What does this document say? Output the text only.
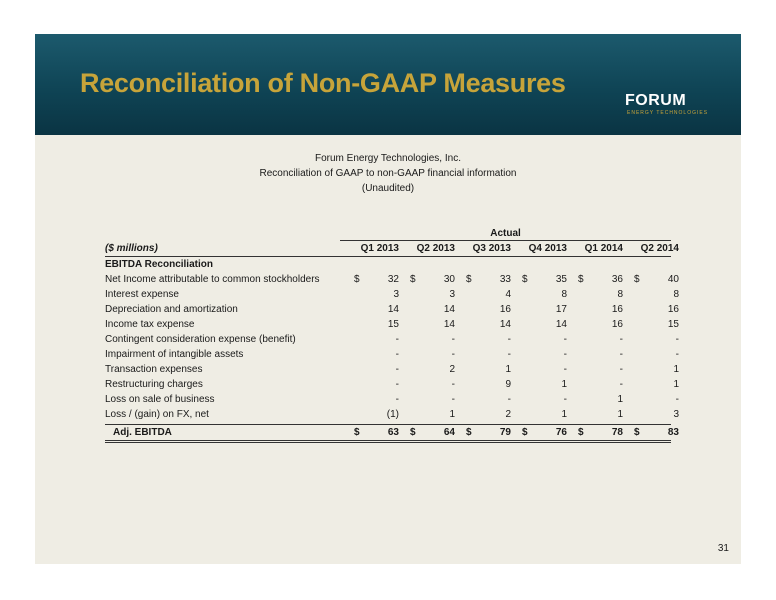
Reconciliation of Non-GAAP Measures
FORUM
ENERGY TECHNOLOGIES
Forum Energy Technologies, Inc.
Reconciliation of GAAP to non-GAAP financial information
(Unaudited)
Actual
($ millions)	Q1 2013	Q2 2013	Q3 2013	Q4 2013	Q1 2014	Q2 2014
EBITDA Reconciliation
Net Income attributable to common stockholders	$	32 $	30 $	33 $	35 $	36 $	40
Interest expense	3	3	4	8	8	8
Depreciation and amortization	14	14	16	17	16	16
Income tax expense	15	14	14	14	16	15
Contingent consideration expense (benefit)	-	-	-	-	-	-
Impairment of intangible assets	-	-	-	-	-	-
Transaction expenses	-	2	1	-	-	1
Restructuring charges	-	-	9	1	-	1
Loss on sale of business	-	-	-	-	1	-
Loss / (gain) on FX, net	(1)	1	2	1	1	3
Adj. EBITDA	$	63 $	64 $	79 $	76 $	78 $	83
31
